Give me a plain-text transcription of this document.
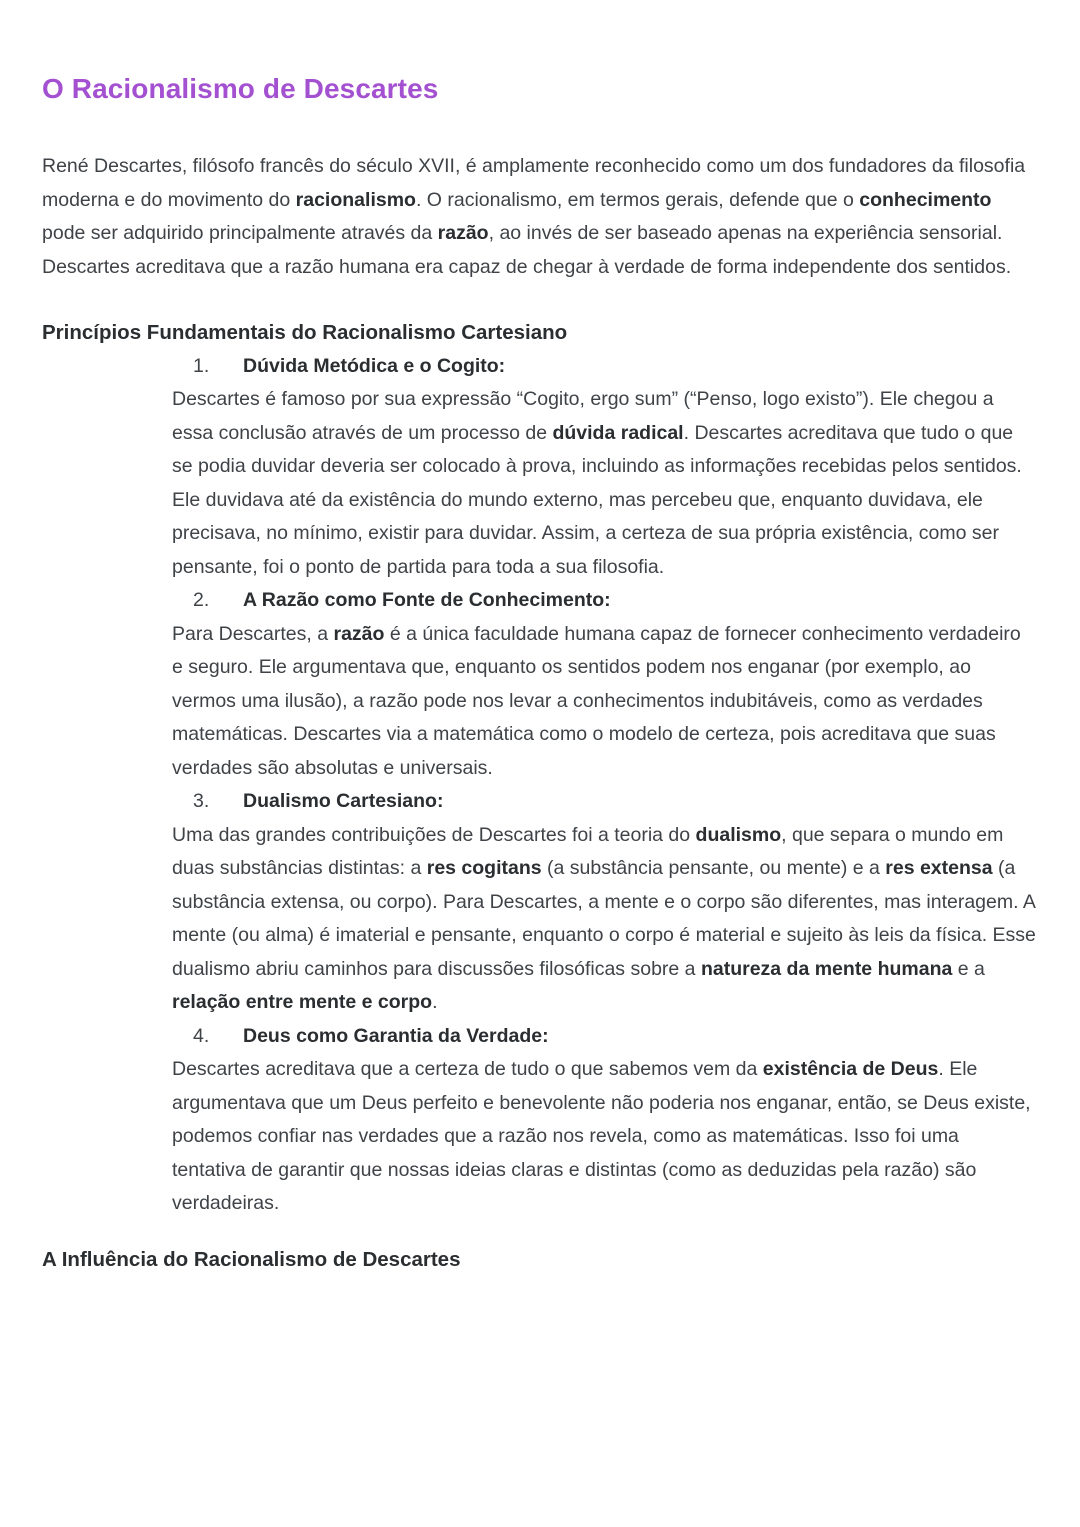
O Racionalismo de Descartes

René Descartes, filósofo francês do século XVII, é amplamente reconhecido como um dos fundadores da filosofia moderna e do movimento do racionalismo. O racionalismo, em termos gerais, defende que o conhecimento pode ser adquirido principalmente através da razão, ao invés de ser baseado apenas na experiência sensorial. Descartes acreditava que a razão humana era capaz de chegar à verdade de forma independente dos sentidos.

Princípios Fundamentais do Racionalismo Cartesiano
1. Dúvida Metódica e o Cogito:
Descartes é famoso por sua expressão “Cogito, ergo sum” (“Penso, logo existo”). Ele chegou a essa conclusão através de um processo de dúvida radical. Descartes acreditava que tudo o que se podia duvidar deveria ser colocado à prova, incluindo as informações recebidas pelos sentidos. Ele duvidava até da existência do mundo externo, mas percebeu que, enquanto duvidava, ele precisava, no mínimo, existir para duvidar. Assim, a certeza de sua própria existência, como ser pensante, foi o ponto de partida para toda a sua filosofia.
2. A Razão como Fonte de Conhecimento:
Para Descartes, a razão é a única faculdade humana capaz de fornecer conhecimento verdadeiro e seguro. Ele argumentava que, enquanto os sentidos podem nos enganar (por exemplo, ao vermos uma ilusão), a razão pode nos levar a conhecimentos indubitáveis, como as verdades matemáticas. Descartes via a matemática como o modelo de certeza, pois acreditava que suas verdades são absolutas e universais.
3. Dualismo Cartesiano:
Uma das grandes contribuições de Descartes foi a teoria do dualismo, que separa o mundo em duas substâncias distintas: a res cogitans (a substância pensante, ou mente) e a res extensa (a substância extensa, ou corpo). Para Descartes, a mente e o corpo são diferentes, mas interagem. A mente (ou alma) é imaterial e pensante, enquanto o corpo é material e sujeito às leis da física. Esse dualismo abriu caminhos para discussões filosóficas sobre a natureza da mente humana e a relação entre mente e corpo.
4. Deus como Garantia da Verdade:
Descartes acreditava que a certeza de tudo o que sabemos vem da existência de Deus. Ele argumentava que um Deus perfeito e benevolente não poderia nos enganar, então, se Deus existe, podemos confiar nas verdades que a razão nos revela, como as matemáticas. Isso foi uma tentativa de garantir que nossas ideias claras e distintas (como as deduzidas pela razão) são verdadeiras.
A Influência do Racionalismo de Descartes
